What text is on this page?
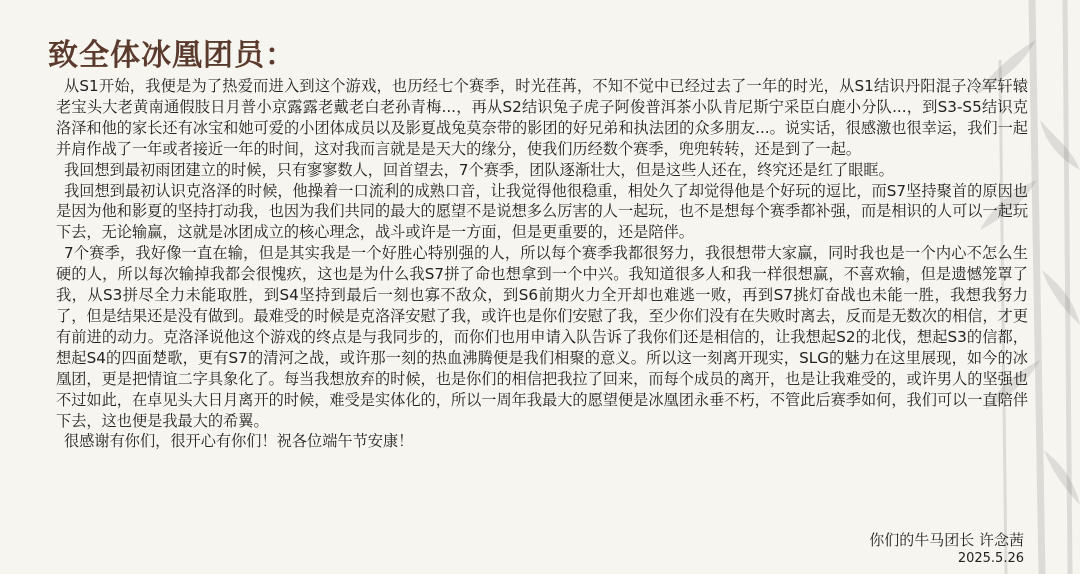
致全体冰凰团员：

从S1开始，我便是为了热爱而进入到这个游戏，也历经七个赛季，时光荏苒，不知不觉中已经过去了一年的时光，从S1结识丹阳混子冷军轩辕老宝头大老黄南通假肢日月普小京露露老戴老白老孙青梅...，再从S2结识兔子虎子阿俊普洱茶小队肯尼斯宁采臣白鹿小分队...，到S3-S5结识克洛泽和他的家长还有冰宝和她可爱的小团体成员以及影夏战兔莫奈带的影团的好兄弟和执法团的众多朋友...。说实话，很感激也很幸运，我们一起并肩作战了一年或者接近一年的时间，这对我而言就是是天大的缘分，使我们历经数个赛季，兜兜转转，还是到了一起。

我回想到最初雨团建立的时候，只有寥寥数人，回首望去，7个赛季，团队逐渐壮大，但是这些人还在，终究还是红了眼眶。

我回想到最初认识克洛泽的时候，他操着一口流利的成熟口音，让我觉得他很稳重，相处久了却觉得他是个好玩的逗比，而S7坚持聚首的原因也是因为他和影夏的坚持打动我，也因为我们共同的最大的愿望不是说想多么厉害的人一起玩，也不是想每个赛季都补强，而是相识的人可以一起玩下去，无论输赢，这就是冰团成立的核心理念，战斗或许是一方面，但是更重要的，还是陪伴。

7个赛季，我好像一直在输，但是其实我是一个好胜心特别强的人，所以每个赛季我都很努力，我很想带大家赢，同时我也是一个内心不怎么生硬的人，所以每次输掉我都会很愧疚，这也是为什么我S7拼了命也想拿到一个中兴。我知道很多人和我一样很想赢，不喜欢输，但是遗憾笼罩了我，从S3拼尽全力未能取胜，到S4坚持到最后一刻也寡不敌众，到S6前期火力全开却也难逃一败，再到S7挑灯奋战也未能一胜，我想我努力了，但是结果还是没有做到。最难受的时候是克洛泽安慰了我，或许也是你们安慰了我，至少你们没有在失败时离去，反而是无数次的相信，才更有前进的动力。克洛泽说他这个游戏的终点是与我同步的，而你们也用申请入队告诉了我你们还是相信的，让我想起S2的北伐，想起S3的信都，想起S4的四面楚歌，更有S7的清河之战，或许那一刻的热血沸腾便是我们相聚的意义。所以这一刻离开现实，SLG的魅力在这里展现，如今的冰凰团，更是把情谊二字具象化了。每当我想放弃的时候，也是你们的相信把我拉了回来，而每个成员的离开，也是让我难受的，或许男人的坚强也不过如此，在卓见头大日月离开的时候，难受是实体化的，所以一周年我最大的愿望便是冰凰团永垂不朽，不管此后赛季如何，我们可以一直陪伴下去，这也便是我最大的希翼。

很感谢有你们，很开心有你们！祝各位端午节安康！

你们的牛马团长 许念茜
2025.5.26
